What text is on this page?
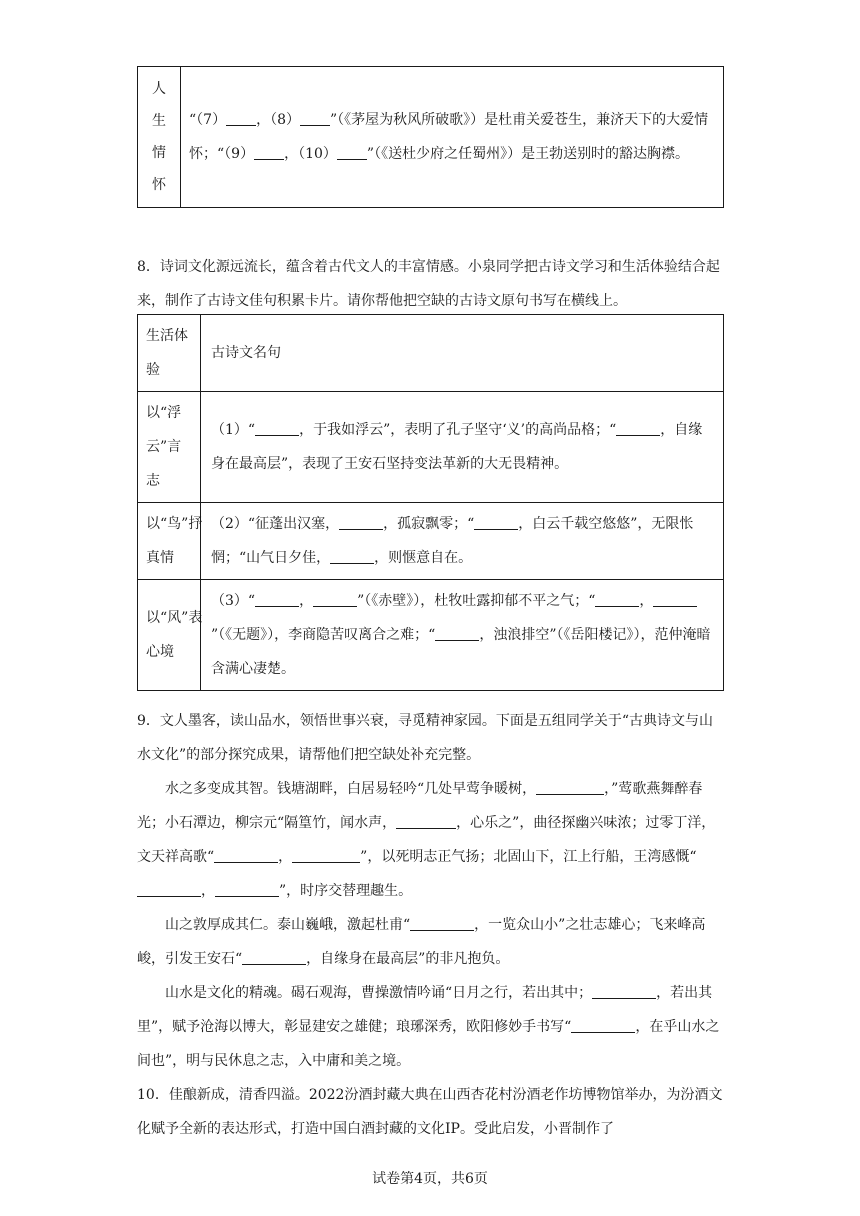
人生情怀	“（7） ，（8） ”（《茅屋为秋风所破歌》）是杜甫关爱苍生，兼济天下的大爱情怀；“（9） ，（10） ”（《送杜少府之任蜀州》）是王勃送别时的豁达胸襟。

8．诗词文化源远流长，蕴含着古代文人的丰富情感。小泉同学把古诗文学习和生活体验结合起来，制作了古诗文佳句积累卡片。请你帮他把空缺的古诗文原句书写在横线上。

生活体验	古诗文名句
以“浮云”言志	（1）“ ，于我如浮云”，表明了孔子坚守‘义’的高尚品格；“ ，自缘身在最高层”，表现了王安石坚持变法革新的大无畏精神。
以“鸟”抒真情	（2）“征蓬出汉塞， ，孤寂飘零；“ ，白云千载空悠悠”，无限怅惘；“山气日夕佳， ，则惬意自在。
以“风”表心境	（3）“ ， ”（《赤壁》），杜牧吐露抑郁不平之气；“ ，”（《无题》），李商隐苦叹离合之难；“ ，浊浪排空”（《岳阳楼记》），范仲淹暗含满心凄楚。

9．文人墨客，读山品水，领悟世事兴衰，寻觅精神家园。下面是五组同学关于“古典诗文与山水文化”的部分探究成果，请帮他们把空缺处补充完整。

水之多变成其智。钱塘湖畔，白居易轻吟“几处早莺争暖树，	，”莺歌燕舞醉春光；小石潭边，柳宗元“隔篁竹，闻水声，	，心乐之”，曲径探幽兴味浓；过零丁洋，文天祥高歌“	，	”，以死明志正气扬；北固山下，江上行船，王湾感慨“，	”，时序交替理趣生。

山之敦厚成其仁。泰山巍峨，激起杜甫“	，一览众山小”之壮志雄心；飞来峰高峻，引发王安石“	，自缘身在最高层”的非凡抱负。

山水是文化的精魂。碣石观海，曹操激情吟诵“日月之行，若出其中；	，若出其里”，赋予沧海以博大，彰显建安之雄健；琅琊深秀，欧阳修妙手书写“	，在乎山水之间也”，明与民休息之志，入中庸和美之境。

10．佳酿新成，清香四溢。2022汾酒封藏大典在山西杏花村汾酒老作坊博物馆举办，为汾酒文化赋予全新的表达形式，打造中国白酒封藏的文化IP。受此启发，小晋制作了

试卷第4页，共6页
